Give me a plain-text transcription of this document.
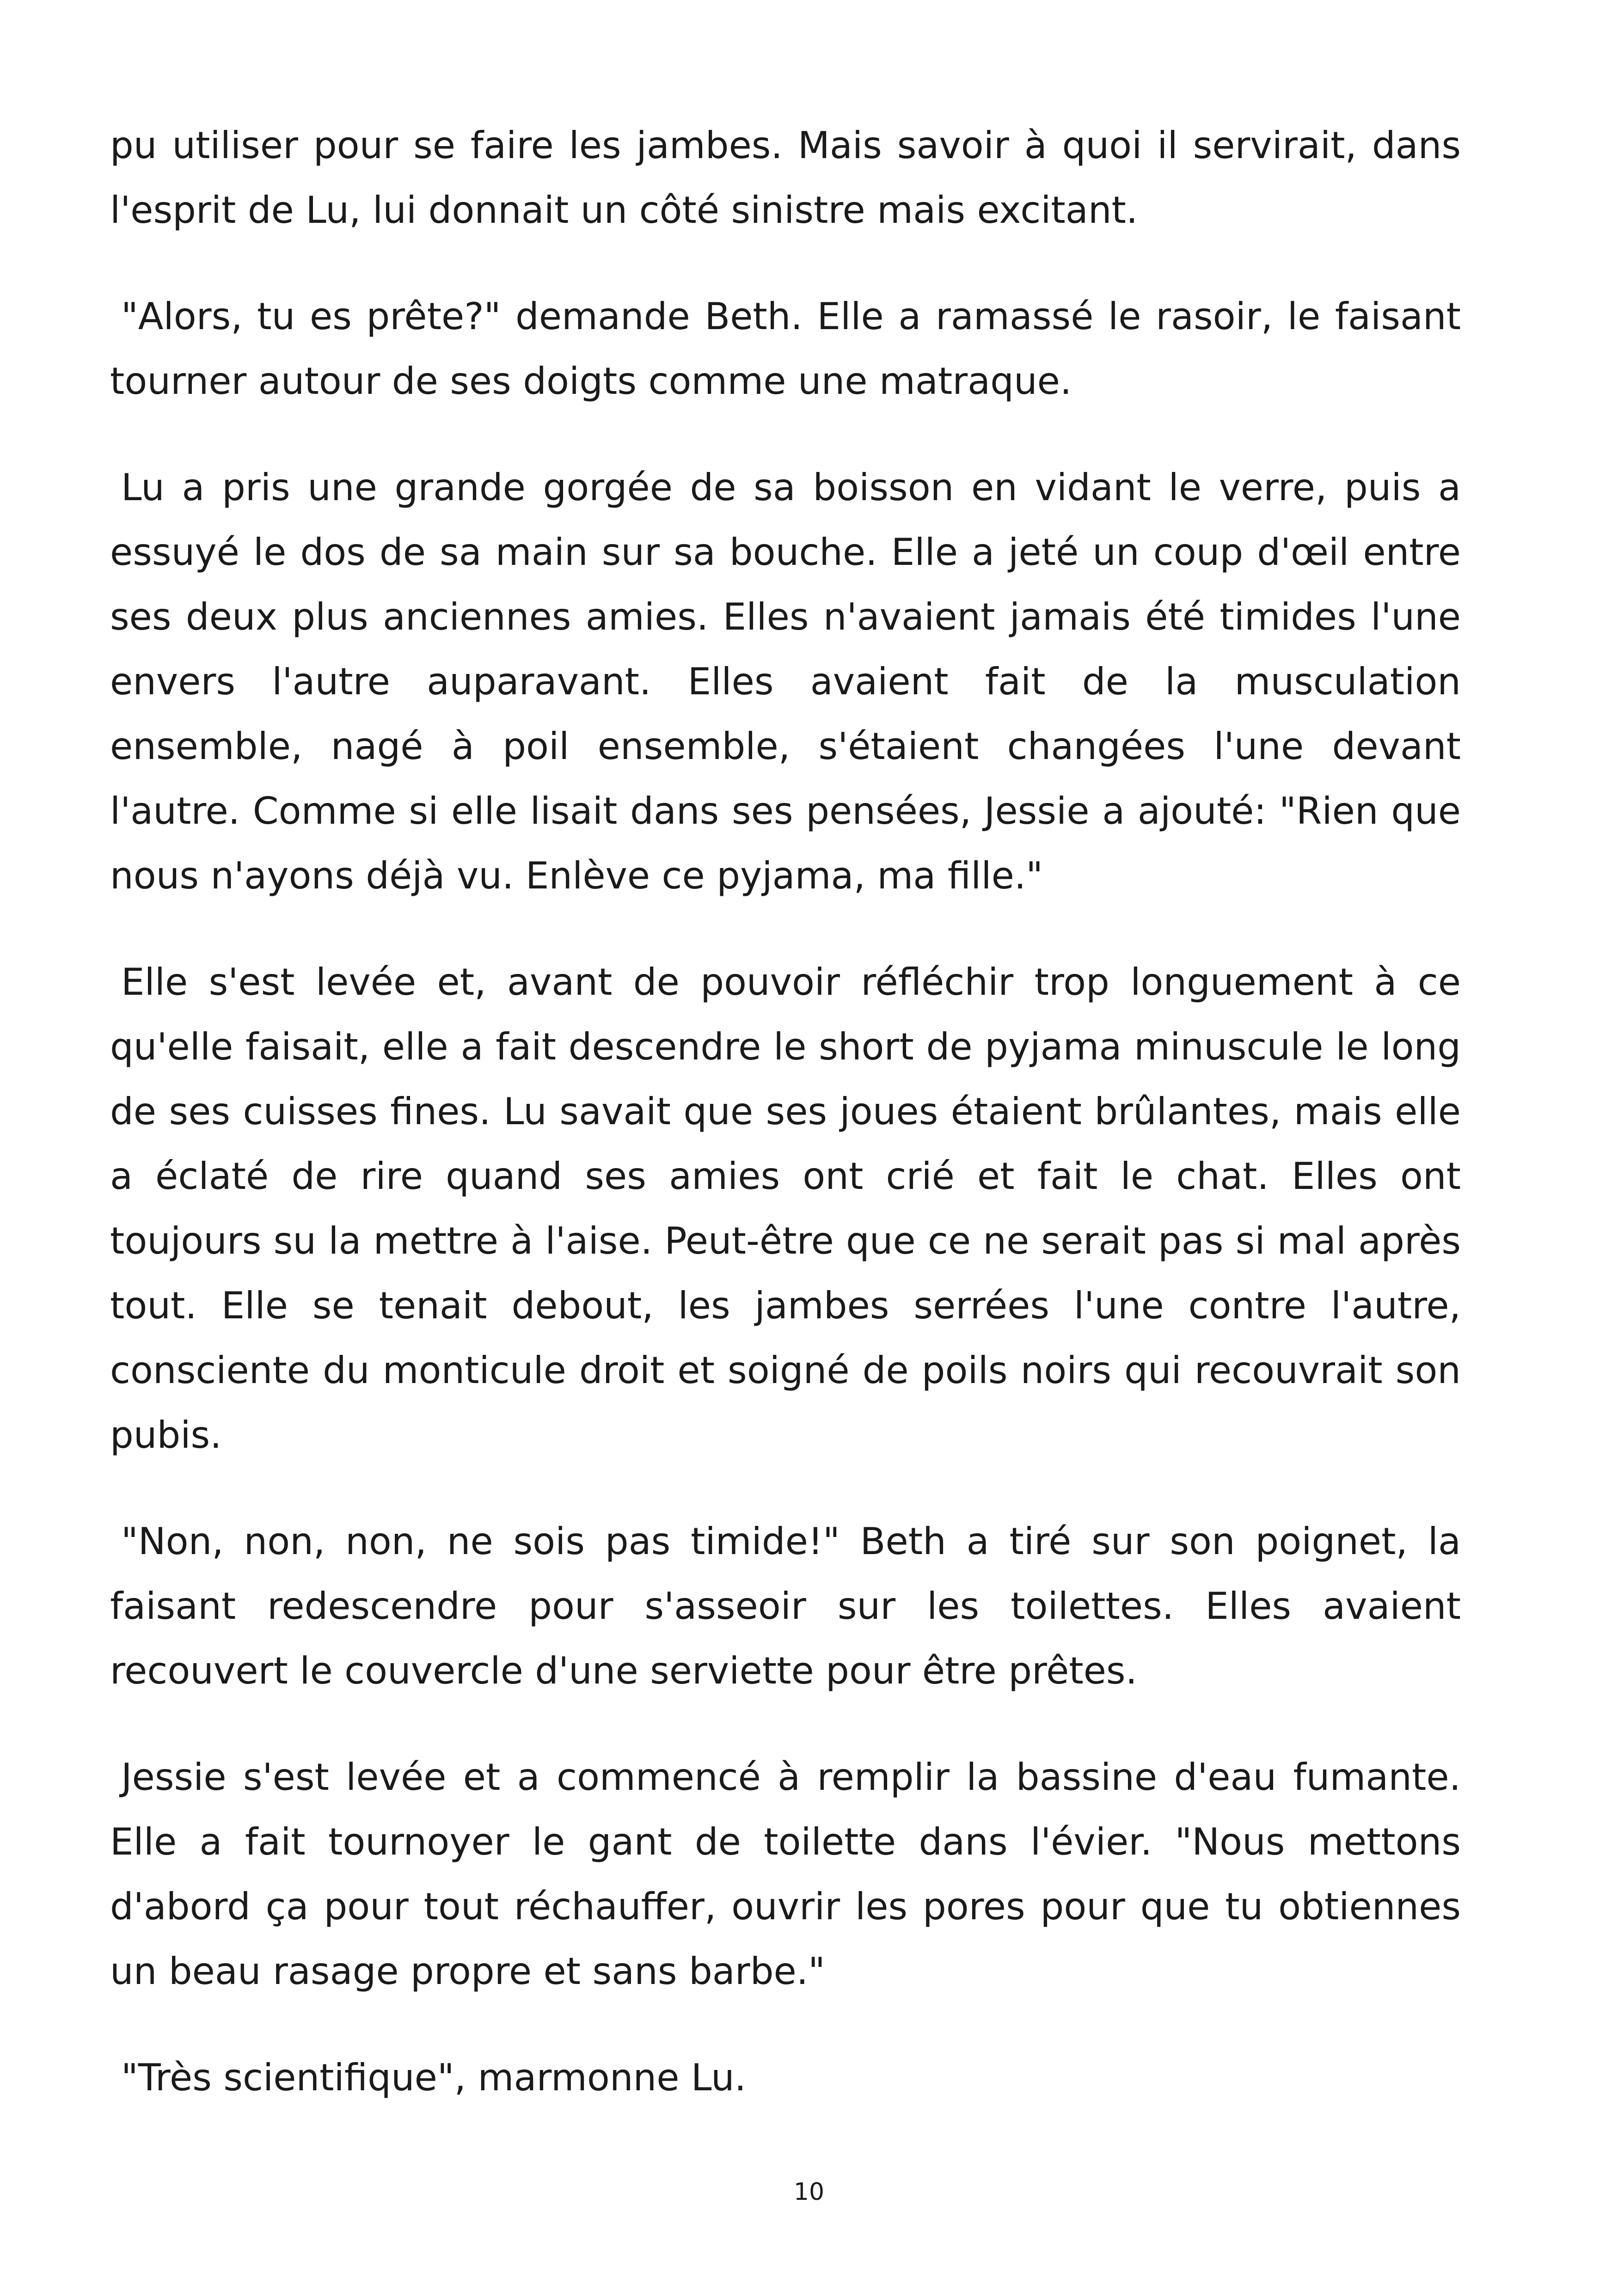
pu utiliser pour se faire les jambes. Mais savoir à quoi il servirait, dans l'esprit de Lu, lui donnait un côté sinistre mais excitant.

"Alors, tu es prête?" demande Beth. Elle a ramassé le rasoir, le faisant tourner autour de ses doigts comme une matraque.

Lu a pris une grande gorgée de sa boisson en vidant le verre, puis a essuyé le dos de sa main sur sa bouche. Elle a jeté un coup d'œil entre ses deux plus anciennes amies. Elles n'avaient jamais été timides l'une envers l'autre auparavant. Elles avaient fait de la musculation ensemble, nagé à poil ensemble, s'étaient changées l'une devant l'autre. Comme si elle lisait dans ses pensées, Jessie a ajouté: "Rien que nous n'ayons déjà vu. Enlève ce pyjama, ma fille."

Elle s'est levée et, avant de pouvoir réfléchir trop longuement à ce qu'elle faisait, elle a fait descendre le short de pyjama minuscule le long de ses cuisses fines. Lu savait que ses joues étaient brûlantes, mais elle a éclaté de rire quand ses amies ont crié et fait le chat. Elles ont toujours su la mettre à l'aise. Peut-être que ce ne serait pas si mal après tout. Elle se tenait debout, les jambes serrées l'une contre l'autre, consciente du monticule droit et soigné de poils noirs qui recouvrait son pubis.

"Non, non, non, ne sois pas timide!" Beth a tiré sur son poignet, la faisant redescendre pour s'asseoir sur les toilettes. Elles avaient recouvert le couvercle d'une serviette pour être prêtes.

Jessie s'est levée et a commencé à remplir la bassine d'eau fumante. Elle a fait tournoyer le gant de toilette dans l'évier. "Nous mettons d'abord ça pour tout réchauffer, ouvrir les pores pour que tu obtiennes un beau rasage propre et sans barbe."

"Très scientifique", marmonne Lu.

10
